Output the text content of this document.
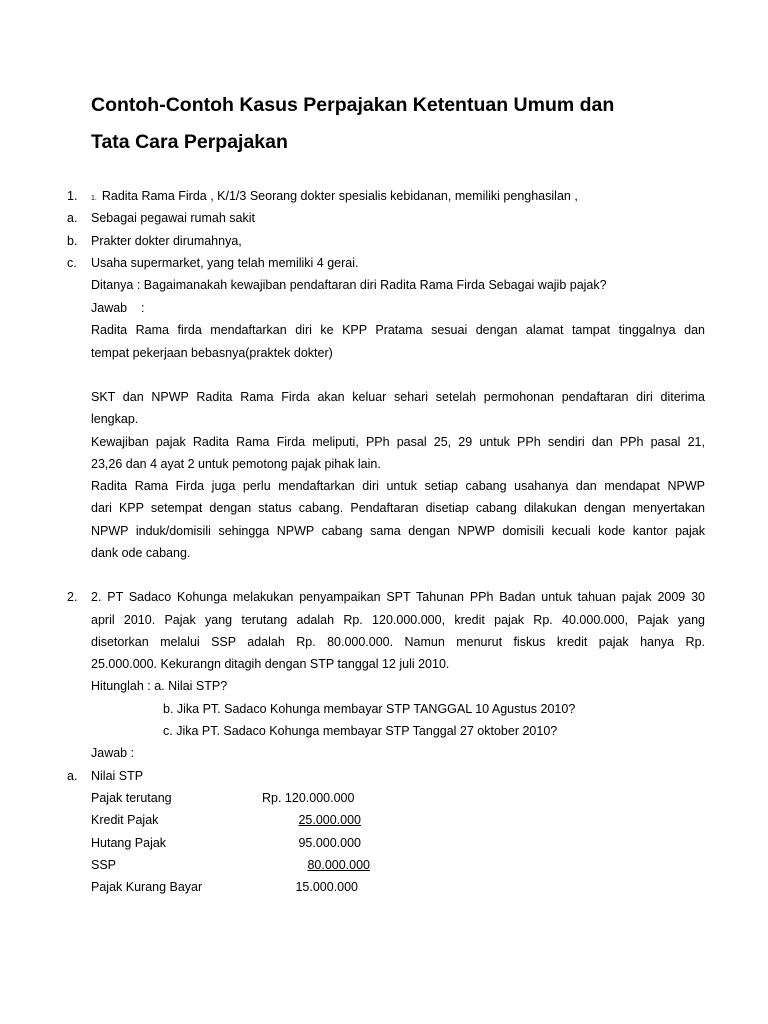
Contoh-Contoh Kasus Perpajakan Ketentuan Umum dan
Tata Cara Perpajakan
1. 1. Radita Rama Firda , K/1/3 Seorang dokter spesialis kebidanan, memiliki penghasilan ,
a. Sebagai pegawai rumah sakit
b. Prakter dokter dirumahnya,
c. Usaha supermarket, yang telah memiliki 4 gerai.
Ditanya : Bagaimanakah kewajiban pendaftaran diri Radita Rama Firda Sebagai wajib pajak?
Jawab    :
Radita Rama firda mendaftarkan diri ke KPP Pratama sesuai dengan alamat tampat tinggalnya dan
tempat pekerjaan bebasnya(praktek dokter)
SKT dan NPWP Radita Rama Firda akan keluar sehari setelah permohonan pendaftaran diri diterima
lengkap.
Kewajiban pajak Radita Rama Firda meliputi, PPh pasal 25, 29 untuk PPh sendiri dan PPh pasal 21,
23,26 dan 4 ayat 2 untuk pemotong pajak pihak lain.
Radita Rama Firda juga perlu mendaftarkan diri untuk setiap cabang usahanya dan mendapat NPWP
dari KPP setempat dengan status cabang. Pendaftaran disetiap cabang dilakukan dengan menyertakan
NPWP induk/domisili sehingga NPWP cabang sama dengan NPWP domisili kecuali kode kantor pajak
dank ode cabang.
2. 2. PT Sadaco Kohunga melakukan penyampaikan SPT Tahunan PPh Badan untuk tahuan pajak 2009 30
april 2010. Pajak yang terutang adalah Rp. 120.000.000, kredit pajak Rp. 40.000.000, Pajak yang
disetorkan melalui SSP adalah Rp. 80.000.000. Namun menurut fiskus kredit pajak hanya Rp.
25.000.000. Kekurangn ditagih dengan STP tanggal 12 juli 2010.
Hitunglah : a. Nilai STP?
b. Jika PT. Sadaco Kohunga membayar STP TANGGAL 10 Agustus 2010?
c. Jika PT. Sadaco Kohunga membayar STP Tanggal 27 oktober 2010?
Jawab :
a. Nilai STP
Pajak terutang	Rp. 120.000.000
Kredit Pajak	25.000.000
Hutang Pajak	95.000.000
SSP	80.000.000
Pajak Kurang Bayar	15.000.000
